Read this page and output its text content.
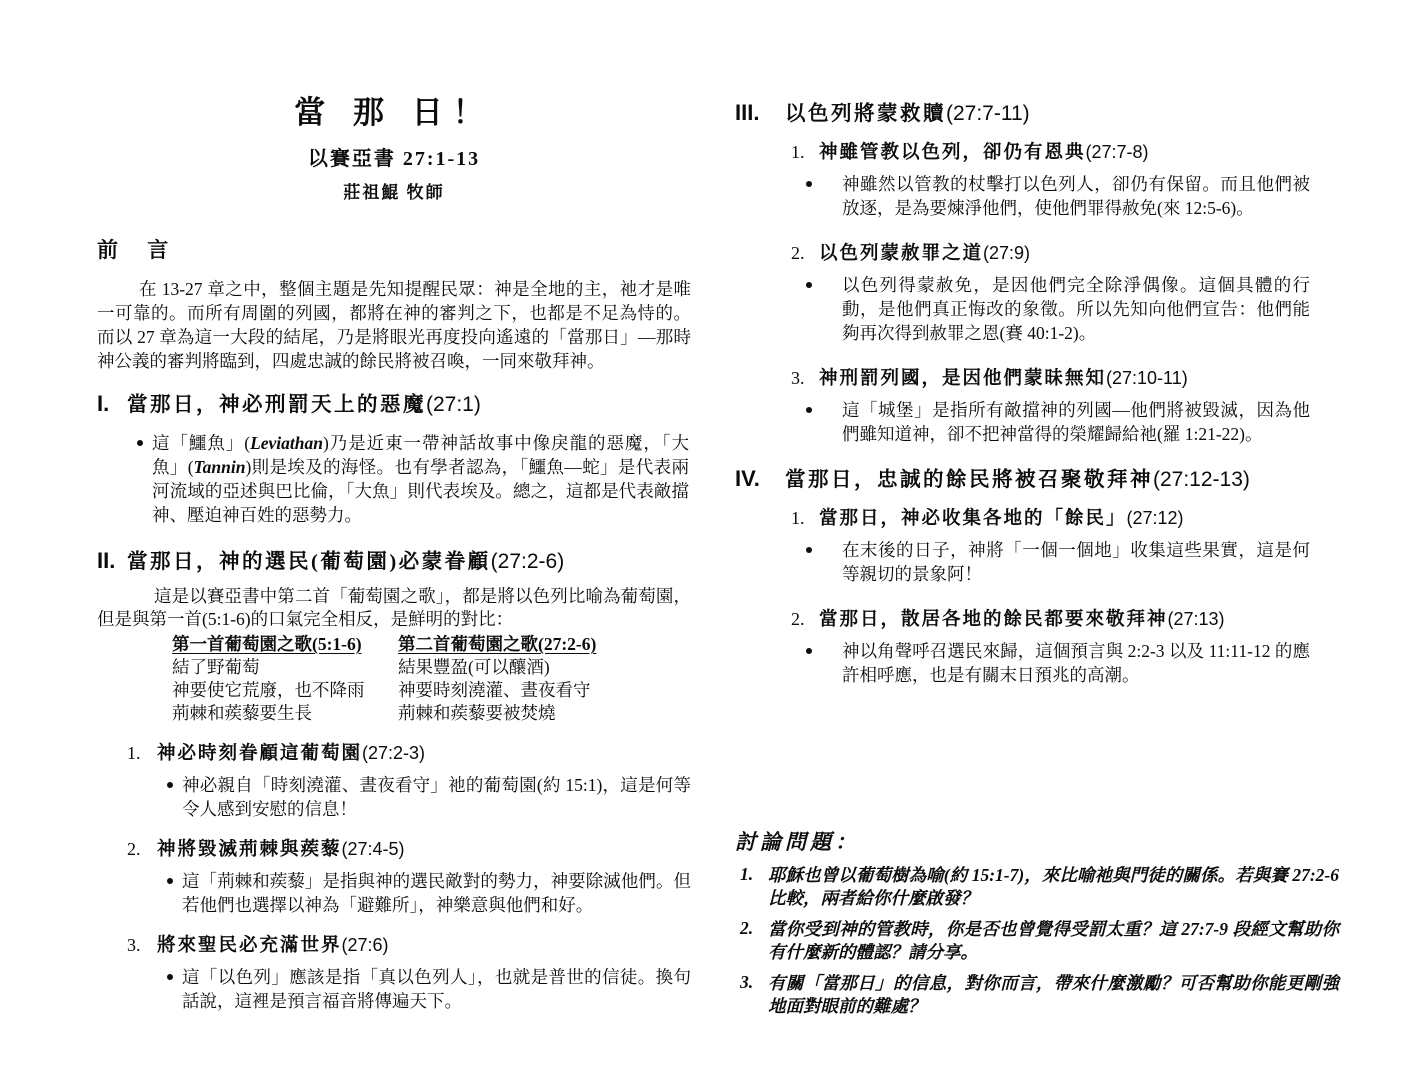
當 那 日！
以賽亞書 27:1-13
莊祖鯤 牧師
前 言
在 13-27 章之中，整個主題是先知提醒民眾：神是全地的主，祂才是唯一可靠的。而所有周圍的列國，都將在神的審判之下，也都是不足為恃的。而以 27 章為這一大段的結尾，乃是將眼光再度投向遙遠的「當那日」—那時神公義的審判將臨到，四處忠誠的餘民將被召喚，一同來敬拜神。
I. 當那日，神必刑罰天上的惡魔(27:1)
這「鱷魚」(Leviathan)乃是近東一帶神話故事中像戾龍的惡魔，「大魚」(Tannin)則是埃及的海怪。也有學者認為，「鱷魚—蛇」是代表兩河流域的亞述與巴比倫，「大魚」則代表埃及。總之，這都是代表敵擋神、壓迫神百姓的惡勢力。
II. 當那日，神的選民(葡萄園)必蒙眷顧(27:2-6)
這是以賽亞書中第二首「葡萄園之歌」，都是將以色列比喻為葡萄園，但是與第一首(5:1-6)的口氣完全相反，是鮮明的對比：
第一首葡萄園之歌(5:1-6)	第二首葡萄園之歌(27:2-6)
結了野葡萄	結果豐盈(可以釀酒)
神要使它荒廢，也不降雨	神要時刻澆灌、晝夜看守
荊棘和蒺藜要生長	荊棘和蒺藜要被焚燒
1. 神必時刻眷顧這葡萄園(27:2-3)
神必親自「時刻澆灌、晝夜看守」祂的葡萄園(約 15:1)，這是何等令人感到安慰的信息！
2. 神將毀滅荊棘與蒺藜(27:4-5)
這「荊棘和蒺藜」是指與神的選民敵對的勢力，神要除滅他們。但若他們也選擇以神為「避難所」，神樂意與他們和好。
3. 將來聖民必充滿世界(27:6)
這「以色列」應該是指「真以色列人」，也就是普世的信徒。換句話說，這裡是預言福音將傳遍天下。
III.	以色列將蒙救贖(27:7-11)
1. 神雖管教以色列，卻仍有恩典(27:7-8)
神雖然以管教的杖擊打以色列人，卻仍有保留。而且他們被放逐，是為要煉淨他們，使他們罪得赦免(來 12:5-6)。
2. 以色列蒙赦罪之道(27:9)
以色列得蒙赦免，是因他們完全除淨偶像。這個具體的行動，是他們真正悔改的象徵。所以先知向他們宣告：他們能夠再次得到赦罪之恩(賽 40:1-2)。
3. 神刑罰列國，是因他們蒙昧無知(27:10-11)
這「城堡」是指所有敵擋神的列國—他們將被毀滅，因為他們雖知道神，卻不把神當得的榮耀歸給祂(羅 1:21-22)。
IV.	當那日，忠誠的餘民將被召聚敬拜神(27:12-13)
1. 當那日，神必收集各地的「餘民」(27:12)
在末後的日子，神將「一個一個地」收集這些果實，這是何等親切的景象阿！
2. 當那日，散居各地的餘民都要來敬拜神(27:13)
神以角聲呼召選民來歸，這個預言與 2:2-3 以及 11:11-12 的應許相呼應，也是有關末日預兆的高潮。
討論問題：
1. 耶穌也曾以葡萄樹為喻(約 15:1-7)，來比喻祂與門徒的關係。若與賽 27:2-6 比較，兩者給你什麼啟發？
2. 當你受到神的管教時，你是否也曾覺得受罰太重？這 27:7-9 段經文幫助你有什麼新的體認？請分享。
3. 有關「當那日」的信息，對你而言，帶來什麼激勵？可否幫助你能更剛強地面對眼前的難處？
